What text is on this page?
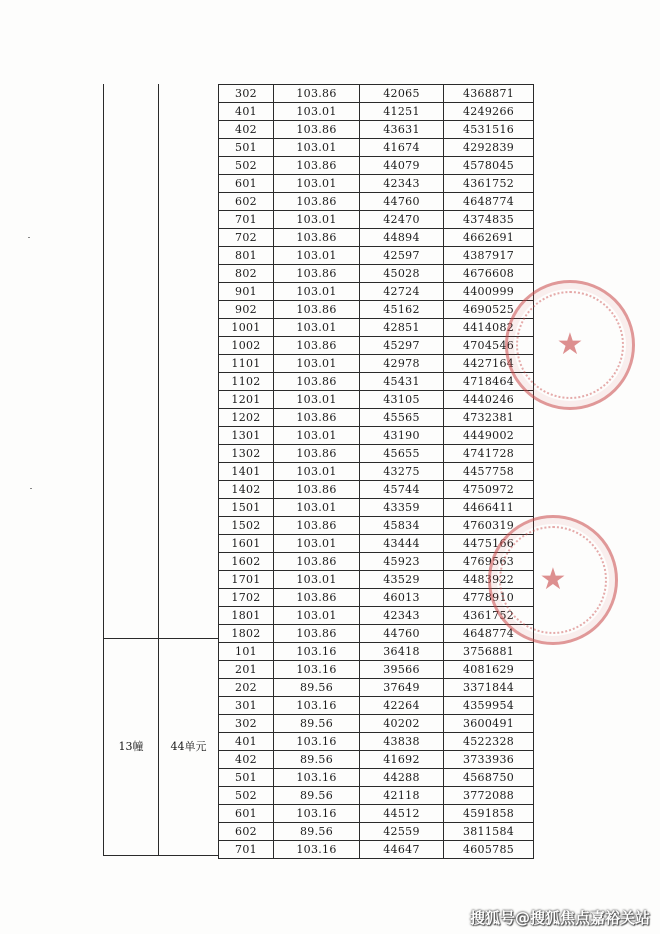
13幢	44单元
302	103.86	42065	4368871
401	103.01	41251	4249266
402	103.86	43631	4531516
501	103.01	41674	4292839
502	103.86	44079	4578045
601	103.01	42343	4361752
602	103.86	44760	4648774
701	103.01	42470	4374835
702	103.86	44894	4662691
801	103.01	42597	4387917
802	103.86	45028	4676608
901	103.01	42724	4400999
902	103.86	45162	4690525
1001	103.01	42851	4414082
1002	103.86	45297	4704546
1101	103.01	42978	4427164
1102	103.86	45431	4718464
1201	103.01	43105	4440246
1202	103.86	45565	4732381
1301	103.01	43190	4449002
1302	103.86	45655	4741728
1401	103.01	43275	4457758
1402	103.86	45744	4750972
1501	103.01	43359	4466411
1502	103.86	45834	4760319
1601	103.01	43444	4475166
1602	103.86	45923	4769563
1701	103.01	43529	4483922
1702	103.86	46013	4778910
1801	103.01	42343	4361752
1802	103.86	44760	4648774
101	103.16	36418	3756881
201	103.16	39566	4081629
202	89.56	37649	3371844
301	103.16	42264	4359954
302	89.56	40202	3600491
401	103.16	43838	4522328
402	89.56	41692	3733936
501	103.16	44288	4568750
502	89.56	42118	3772088
601	103.16	44512	4591858
602	89.56	42559	3811584
701	103.16	44647	4605785
★
★
搜狐号@搜狐焦点嘉裕关站
